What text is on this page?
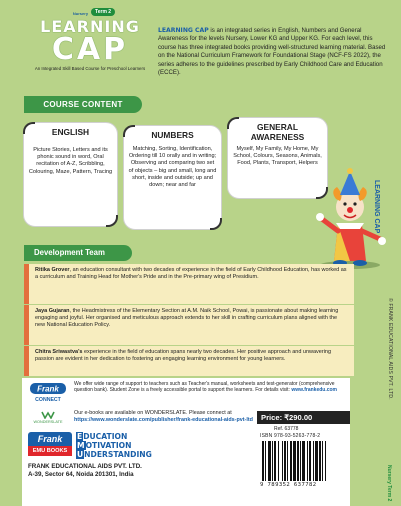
Nursery	Term 2
LEARNING
CAP
An Integrated Skill Based Course for Preschool Learners
LEARNING CAP is an integrated series in English, Numbers and General Awareness for the levels Nursery, Lower KG and Upper KG. For each level, this course has three integrated books providing well-structured learning material. Based on the National Curriculum Framework for Foundational Stage (NCF-FS 2022), the series adheres to the guidelines prescribed by Early Childhood Care and Education (ECCE).
COURSE CONTENT
ENGLISH
Picture Stories, Letters and its phonic sound in word, Oral recitation of A-Z, Scribbling, Colouring, Maze, Pattern, Tracing
NUMBERS
Matching, Sorting, Identification, Ordering till 10 orally and in writing; Observing and comparing two set of objects – big and small, long and short, inside and outside; up and down; near and far
GENERAL AWARENESS
Myself, My Family, My Home, My School, Colours, Seasons, Animals, Food, Plants, Transport, Helpers
LEARNING CAP
© FRANK EDUCATIONAL AIDS PVT. LTD.
Development Team
Ritika Grover, an education consultant with two decades of experience in the field of Early Childhood Education, has worked as a curriculum and Training Head for Mother's Pride and in the Pre-primary wing of Presidium.
Jaya Gujaran, the Headmistress of the Elementary Section at A.M. Naik School, Powai, is passionate about making learning engaging and joyful. Her organised and meticulous approach extends to her skill in crafting curriculum plans aligned with the new National Education Policy.
Chitra Sriwastva's experience in the field of education spans nearly two decades. Her positive approach and unwavering passion are evident in her dedication to fostering an engaging learning environment for young learners.
Frank
CONNECT
We offer wide range of support to teachers such as Teacher's manual, worksheets and test-generator (comprehensive question bank). Student Zone is a freely accessible portal to support the learners. For details visit: www.frankedu.com
WONDERSLATE
Our e-books are available on WONDERSLATE. Please connect at
https://www.wonderslate.com/publisher/frank-educational-aids-pvt-ltd
Frank
EMU BOOKS
EDUCATION
MOTIVATION
UNDERSTANDING
FRANK EDUCATIONAL AIDS PVT. LTD.
A-39, Sector 64, Noida 201301, India
Price: ₹290.00
Ref. 63778
ISBN 978-93-5263-778-2
9 789352 637782	Nursery Term 2
